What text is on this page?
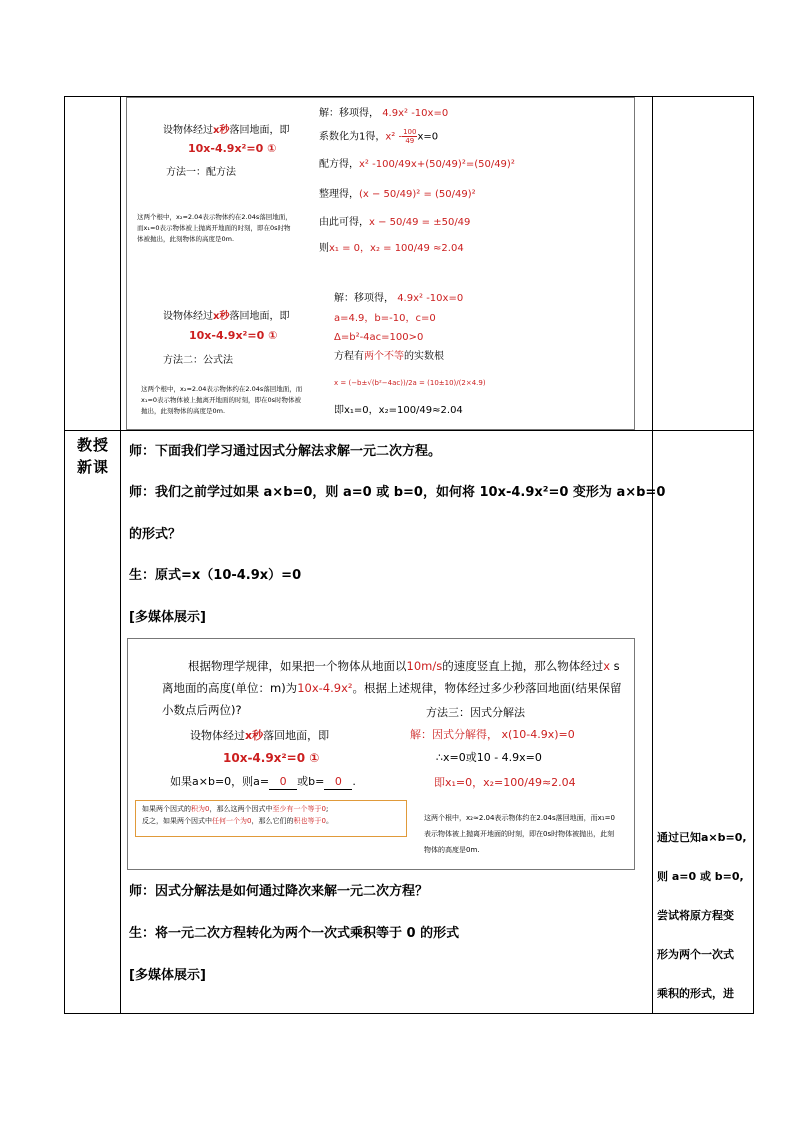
教授新课
设物体经过x秒落回地面，即
10x-4.9x²=0 ①
方法一：配方法
这两个根中，x₂≈2.04表示物体约在2.04s落回地面，而x₁=0表示物体被上抛离开地面的时刻，即在0s时物体被抛出，此刻物体的高度是0m.
解：移项得， 4.9x² -10x=0
系数化为1得，$x^2 - \frac{100}{49} x=0$
配方得，x² -100/49x+(50/49)²=(50/49)²
整理得，(x − 50/49)² = (50/49)²
由此可得，x − 50/49 = ±50/49
则x₁ = 0，x₂ = 100/49 ≈2.04
设物体经过x秒落回地面，即
10x-4.9x²=0 ①
方法二：公式法
这两个根中，x₂≈2.04表示物体约在2.04s落回地面，而x₁=0表示物体被上抛离开地面的时刻，即在0s时物体被抛出，此刻物体的高度是0m.
解：移项得， 4.9x² -10x=0
a=4.9，b=-10，c=0
Δ=b²-4ac=100>0
方程有两个不等的实数根
x = (−b±√(b²−4ac))/2a = (10±10)/(2×4.9)
即x₁=0，x₂=100/49≈2.04
师：下面我们学习通过因式分解法求解一元二次方程。
师：我们之前学过如果 a×b=0，则 a=0 或 b=0，如何将 10x-4.9x²=0 变形为 a×b=0
的形式？
生：原式=x（10-4.9x）=0
[多媒体展示]
根据物理学规律，如果把一个物体从地面以10m/s的速度竖直上抛，那么物体经过x s离地面的高度(单位：m)为10x-4.9x²。根据上述规律，物体经过多少秒落回地面(结果保留小数点后两位)?
设物体经过x秒落回地面，即
10x-4.9x²=0 ①
如果a×b=0，则a= 0 或b= 0 .
方法三：因式分解法
解：因式分解得， x(10-4.9x)=0
∴x=0或10 - 4.9x=0
即x₁=0，x₂=100/49≈2.04
如果两个因式的积为0，那么这两个因式中至少有一个等于0;
反之，如果两个因式中任何一个为0，那么它们的积也等于0。	这两个根中，x₂≈2.04表示物体约在2.04s落回地面，而x₁=0表示物体被上抛离开地面的时刻，即在0s时物体被抛出，此刻物体的高度是0m.
师：因式分解法是如何通过降次来解一元二次方程？
生：将一元二次方程转化为两个一次式乘积等于 0 的形式
[多媒体展示]
通过已知a×b=0,
则 a=0 或 b=0,
尝试将原方程变
形为两个一次式
乘积的形式，进
